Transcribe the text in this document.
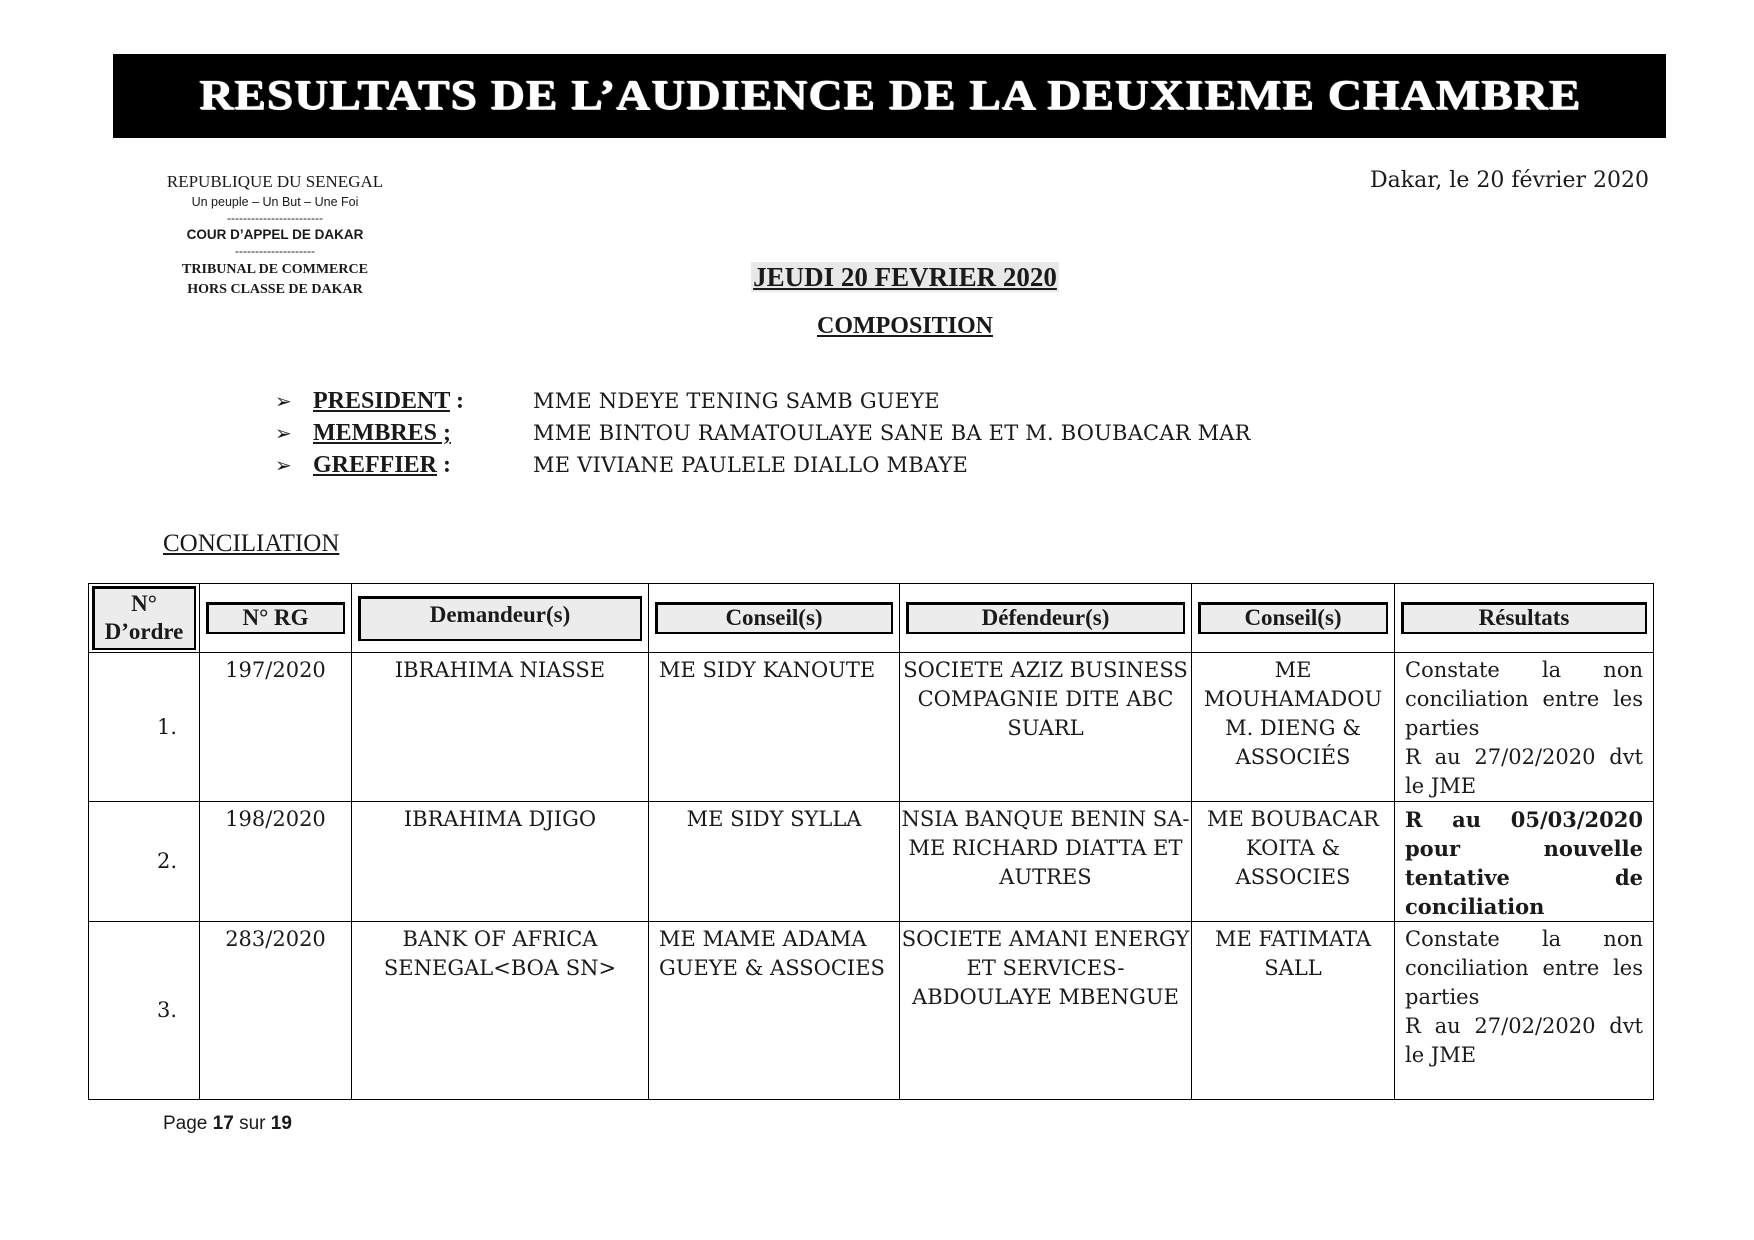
RESULTATS DE L’AUDIENCE DE LA DEUXIEME CHAMBRE
REPUBLIQUE DU SENEGAL
Un peuple – Un But – Une Foi
------------------------
COUR D’APPEL DE DAKAR
--------------------
TRIBUNAL DE COMMERCE
HORS CLASSE DE DAKAR
Dakar, le 20 février 2020
JEUDI 20 FEVRIER 2020
COMPOSITION
➢ PRESIDENT :	MME NDEYE TENING SAMB GUEYE
➢ MEMBRES ;	MME BINTOU RAMATOULAYE SANE BA ET M. BOUBACAR MAR
➢ GREFFIER :	ME VIVIANE PAULELE DIALLO MBAYE
CONCILIATION
N°
D’ordre	N° RG	Demandeur(s)	Conseil(s)	Défendeur(s)	Conseil(s)	Résultats

1.	197/2020	IBRAHIMA NIASSE	ME SIDY KANOUTE	SOCIETE AZIZ BUSINESS COMPAGNIE DITE ABC SUARL	ME MOUHAMADOU M. DIENG & ASSOCIÉS	Constate la non conciliation entre les parties
R au 27/02/2020 dvt le JME

2.	198/2020	IBRAHIMA DJIGO	ME SIDY SYLLA	NSIA BANQUE BENIN SA-ME RICHARD DIATTA ET AUTRES	ME BOUBACAR KOITA & ASSOCIES	R au 05/03/2020 pour nouvelle tentative de conciliation

3.	283/2020	BANK OF AFRICA SENEGAL<BOA SN>	ME MAME ADAMA GUEYE & ASSOCIES	SOCIETE AMANI ENERGY ET SERVICES-ABDOULAYE MBENGUE	ME FATIMATA SALL	Constate la non conciliation entre les parties
R au 27/02/2020 dvt le JME
Page 17 sur 19
